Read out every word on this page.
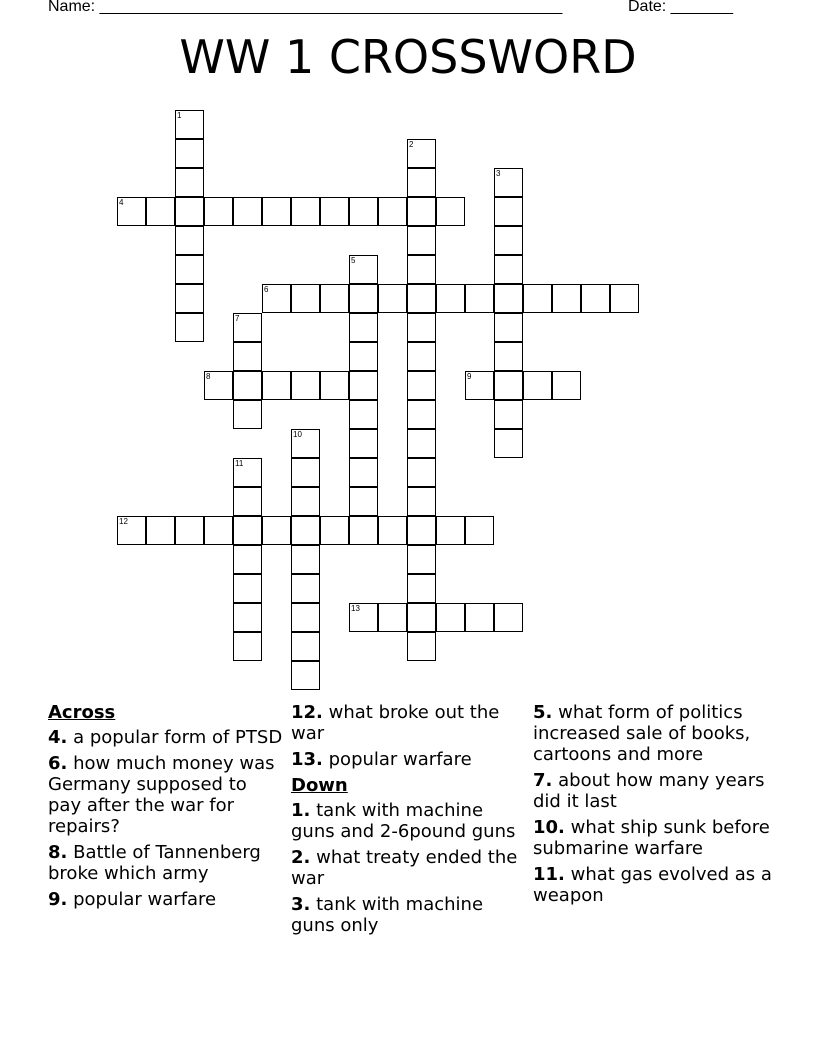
Name: ____________________________________________________	Date: _______
WW 1 CROSSWORD
4
6
8	9
12
13
1
2
3
5
7
10
11
Across
4. a popular form of PTSD
6. how much money was Germany supposed to pay after the war for repairs?
8. Battle of Tannenberg broke which army
9. popular warfare
12. what broke out the war
13. popular warfare
Down
1. tank with machine guns and 2-6pound guns
2. what treaty ended the war
3. tank with machine guns only
5. what form of politics increased sale of books, cartoons and more
7. about how many years did it last
10. what ship sunk before submarine warfare
11. what gas evolved as a weapon
